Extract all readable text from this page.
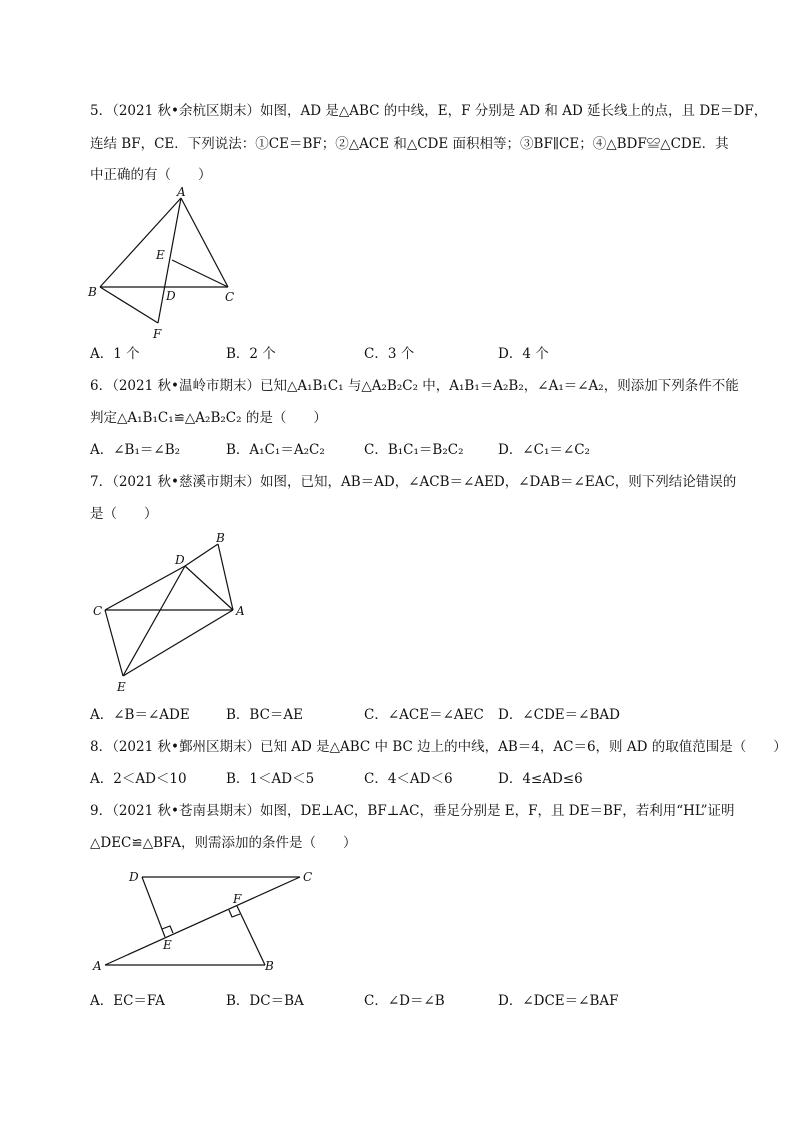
5．（2021 秋•余杭区期末）如图，AD 是△ABC 的中线，E，F 分别是 AD 和 AD 延长线上的点，且 DE＝DF，
连结 BF，CE．下列说法：①CE＝BF；②△ACE 和△CDE 面积相等；③BF∥CE；④△BDF≌△CDE．其
中正确的有（　　）
A
B	C
D
E
F
A．1 个	B．2 个	C．3 个	D．4 个
6．（2021 秋•温岭市期末）已知△A₁B₁C₁ 与△A₂B₂C₂ 中，A₁B₁＝A₂B₂，∠A₁＝∠A₂，则添加下列条件不能
判定△A₁B₁C₁≌△A₂B₂C₂ 的是（　　）
A．∠B₁＝∠B₂	B．A₁C₁＝A₂C₂	C．B₁C₁＝B₂C₂	D．∠C₁＝∠C₂
7．（2021 秋•慈溪市期末）如图，已知，AB＝AD，∠ACB＝∠AED，∠DAB＝∠EAC，则下列结论错误的
是（　　）
C
D
B
A
E
A．∠B＝∠ADE	B．BC＝AE	C．∠ACE＝∠AEC D．∠CDE＝∠BAD
8．（2021 秋•鄞州区期末）已知 AD 是△ABC 中 BC 边上的中线，AB＝4，AC＝6，则 AD 的取值范围是（　　）
A．2＜AD＜10	B．1＜AD＜5	C．4＜AD＜6	D．4≤AD≤6
9．（2021 秋•苍南县期末）如图，DE⊥AC，BF⊥AC，垂足分别是 E，F，且 DE＝BF，若利用“HL”证明
△DEC≌△BFA，则需添加的条件是（　　）
D	C
A	B
E
F
A．EC＝FA	B．DC＝BA	C．∠D＝∠B	D．∠DCE＝∠BAF
